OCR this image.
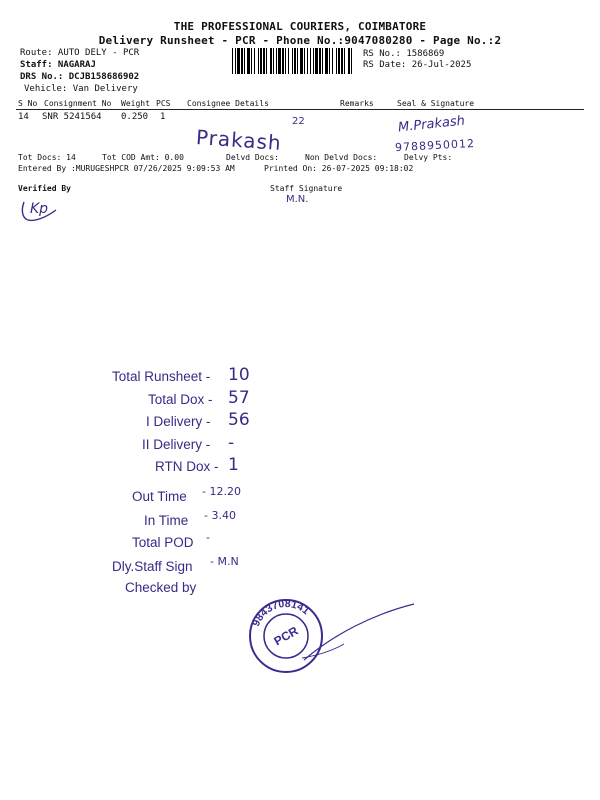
THE PROFESSIONAL COURIERS, COIMBATORE
Delivery Runsheet - PCR - Phone No.:9047080280 - Page No.:2
Route: AUTO DELY - PCR
Staff: NAGARAJ
DRS No.: DCJB158686902
Vehicle: Van Delivery
RS No.: 1586869
RS Date: 26-Jul-2025
S No Consignment No Weight PCS Consignee Details	Remarks	Seal & Signature
14 SNR 5241564 0.250 1
Prakash
22	M.Prakash
9788950012
Tot Docs: 14	Tot COD Amt: 0.00	Delvd Docs:	Non Delvd Docs:	Delvy Pts:
Entered By :MURUGESHPCR 07/26/2025 9:09:53 AM	Printed On: 26-07-2025 09:18:02
Verified By	Staff Signature
M.N.
Kp
Total Runsheet - 10
Total Dox - 57
I Delivery - 56
II Delivery - -
RTN Dox - 1
Out Time - 12.20
In Time - 3.40
Total POD -
Dly.Staff Sign - M.N
Checked by
9843708141
PCR
